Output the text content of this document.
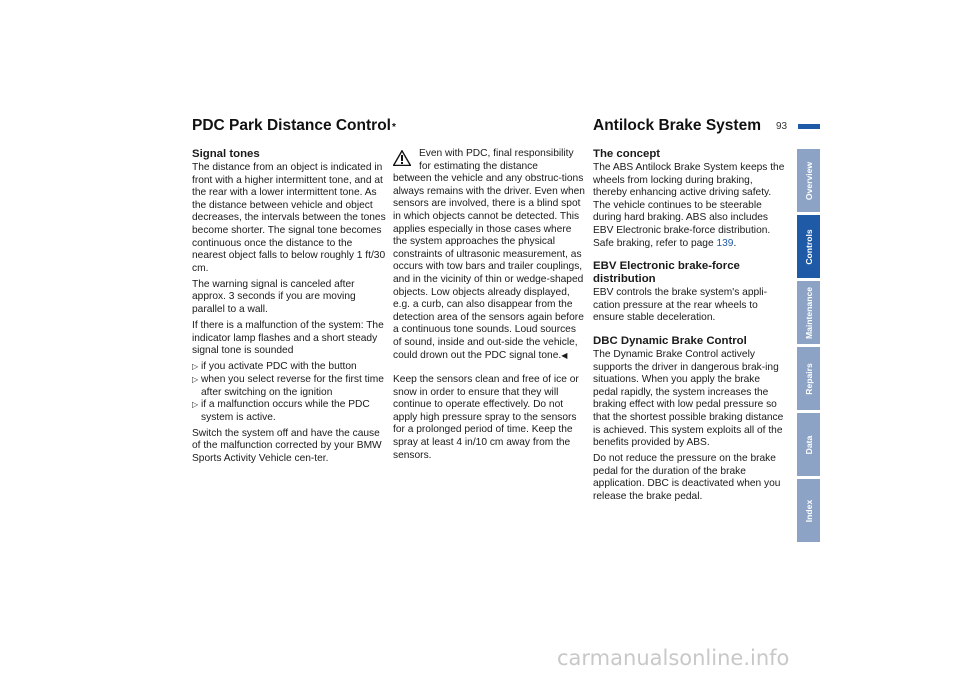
PDC Park Distance Control*	Antilock Brake System 93
Signal tones

The distance from an object is indicated in front with a higher intermittent tone, and at the rear with a lower intermittent tone. As the distance between vehicle and object decreases, the intervals between the tones become shorter. The signal tone becomes continuous once the distance to the nearest object falls to below roughly 1 ft/30 cm.

The warning signal is canceled after approx. 3 seconds if you are moving parallel to a wall.

If there is a malfunction of the system: The indicator lamp flashes and a short steady signal tone is sounded

▷ if you activate PDC with the button
▷ when you select reverse for the first time after switching on the ignition
▷ if a malfunction occurs while the PDC system is active.

Switch the system off and have the cause of the malfunction corrected by your BMW Sports Activity Vehicle cen-ter.

Even with PDC, final responsibility for estimating the distance

between the vehicle and any obstruc-tions always remains with the driver. Even when sensors are involved, there is a blind spot in which objects cannot be detected. This applies especially in those cases where the system approaches the physical constraints of ultrasonic measurement, as occurs with tow bars and trailer couplings, and in the vicinity of thin or wedge-shaped objects. Low objects already displayed, e.g. a curb, can also disappear from the detection area of the sensors again before a continuous tone sounds. Loud sources of sound, inside and out-side the vehicle, could drown out the PDC signal tone.◀

Keep the sensors clean and free of ice or snow in order to ensure that they will continue to operate effectively. Do not apply high pressure spray to the sensors for a prolonged period of time. Keep the spray at least 4 in/10 cm away from the sensors.

The concept

The ABS Antilock Brake System keeps the wheels from locking during braking, thereby enhancing active driving safety. The vehicle continues to be steerable during hard braking. ABS also includes EBV Electronic brake-force distribution.

Safe braking, refer to page 139.

EBV Electronic brake-force distribution

EBV controls the brake system's appli-cation pressure at the rear wheels to ensure stable deceleration.

DBC Dynamic Brake Control

The Dynamic Brake Control actively supports the driver in dangerous brak-ing situations. When you apply the brake pedal rapidly, the system increases the braking effect with low pedal pressure so that the shortest possible braking distance is achieved. This system exploits all of the benefits provided by ABS.

Do not reduce the pressure on the brake pedal for the duration of the brake application. DBC is deactivated when you release the brake pedal.

Overview
Controls
Maintenance
Repairs
Data
Index
carmanualsonline.info
